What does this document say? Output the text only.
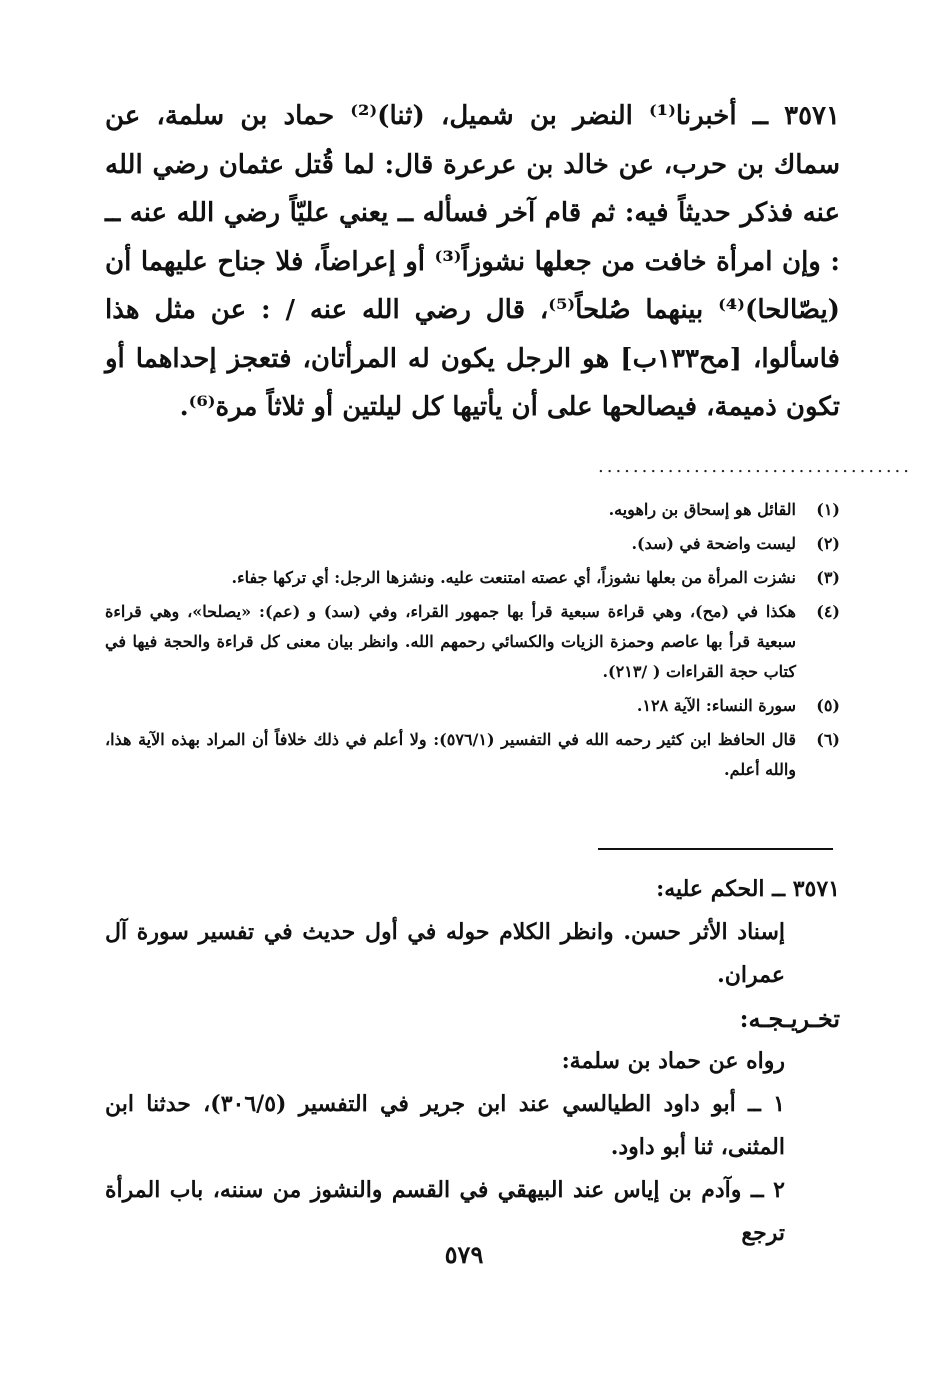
٣٥٧١ ــ أخبرنا⁽¹⁾ النضر بن شميل، (ثنا)⁽²⁾ حماد بن سلمة، عن سماك بن حرب، عن خالد بن عرعرة قال: لما قُتل عثمان رضي الله عنه فذكر حديثاً فيه: ثم قام آخر فسأله ــ يعني عليّاً رضي الله عنه ــ : وإن امرأة خافت من جعلها نشوزاً⁽³⁾ أو إعراضاً، فلا جناح عليهما أن (يصّالحا)⁽⁴⁾ بينهما صُلحاً⁽⁵⁾، قال رضي الله عنه / : عن مثل هذا فاسألوا، [مح١٣٣ب] هو الرجل يكون له المرأتان، فتعجز إحداهما أو تكون ذميمة، فيصالحها على أن يأتيها كل ليلتين أو ثلاثاً مرة⁽⁶⁾.

....................................
(١)
القائل هو إسحاق بن راهويه.
(٢)
ليست واضحة في (سد).
(٣)
نشزت المرأة من بعلها نشوزاً، أي عصته امتنعت عليه. ونشزها الرجل: أي تركها جفاء.
(٤)
هكذا في (مح)، وهي قراءة سبعية قرأ بها جمهور القراء، وفي (سد) و (عم): «يصلحا»، وهي قراءة سبعية قرأ بها عاصم وحمزة الزيات والكسائي رحمهم الله. وانظر بيان معنى كل قراءة والحجة فيها في كتاب حجة القراءات ( /٢١٣).
(٥)
سورة النساء: الآية ١٢٨.
(٦)
قال الحافظ ابن كثير رحمه الله في التفسير (٥٧٦/١): ولا أعلم في ذلك خلافاً أن المراد بهذه الآية هذا، والله أعلم.

٣٥٧١ ــ الحكم عليه:

إسناد الأثر حسن. وانظر الكلام حوله في أول حديث في تفسير سورة آل عمران.

تخـريـجـه:

رواه عن حماد بن سلمة:

١ ــ أبو داود الطيالسي عند ابن جرير في التفسير (٣٠٦/٥)، حدثنا ابن المثنى، ثنا أبو داود.

٢ ــ وآدم بن إياس عند البيهقي في القسم والنشوز من سننه، باب المرأة ترجع

٥٧٩
